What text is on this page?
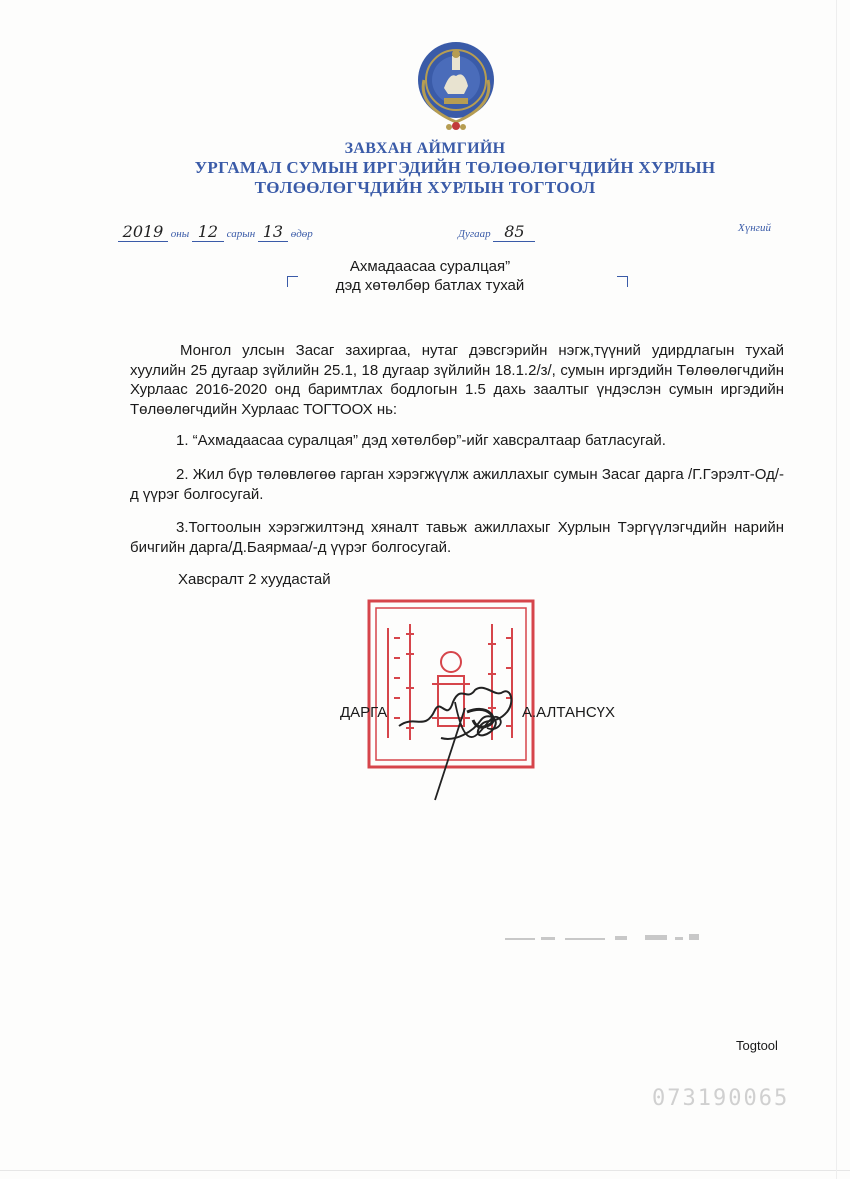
ЗАВХАН АЙМГИЙН
УРГАМАЛ СУМЫН ИРГЭДИЙН ТӨЛӨӨЛӨГЧДИЙН ХУРЛЫН
ТӨЛӨӨЛӨГЧДИЙН ХУРЛЫН ТОГТООЛ
2019 оны 12 сарын 13 өдөр	Дугаар 85	Хүнгий
Ахмадаасаа суралцая”
дэд хөтөлбөр батлах тухай
Монгол улсын Засаг захиргаа, нутаг дэвсгэрийн нэгж,түүний удирдлагын тухай хуулийн 25 дугаар зүйлийн 25.1, 18 дугаар зүйлийн 18.1.2/з/, сумын иргэдийн Төлөөлөгчдийн Хурлаас 2016-2020 онд баримтлах бодлогын 1.5 дахь заалтыг үндэслэн сумын иргэдийн Төлөөлөгчдийн Хурлаас ТОГТООХ нь:
1. “Ахмадаасаа суралцая” дэд хөтөлбөр”-ийг хавсралтаар батласугай.
2. Жил бүр төлөвлөгөө гарган хэрэгжүүлж ажиллахыг сумын Засаг дарга /Г.Гэрэлт-Од/-д үүрэг болгосугай.
3.Тогтоолын хэрэгжилтэнд хяналт тавьж ажиллахыг Хурлын Тэргүүлэгчдийн нарийн бичгийн дарга/Д.Баярмаа/-д үүрэг болгосугай.
Хавсралт 2 хуудастай
ДАРГА	А.АЛТАНСҮХ
Togtool
073190065
